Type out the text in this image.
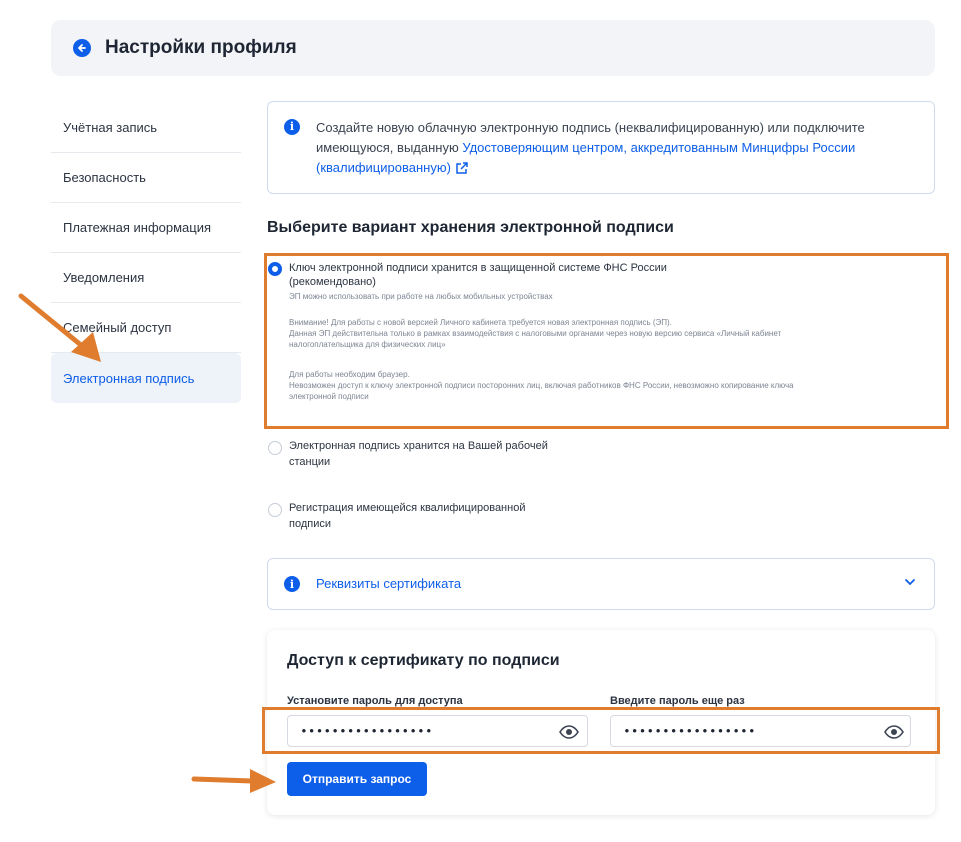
Настройки профиля
Учётная запись
Безопасность
Платежная информация
Уведомления
Семейный доступ
Электронная подпись
i	Создайте новую облачную электронную подпись (неквалифицированную) или подключите имеющуюся, выданную Удостоверяющим центром, аккредитованным Минцифры России (квалифицированную)
Выберите вариант хранения электронной подписи
Ключ электронной подписи хранится в защищенной системе ФНС России
(рекомендовано)
ЭП можно использовать при работе на любых мобильных устройствах
Внимание! Для работы с новой версией Личного кабинета требуется новая электронная подпись (ЭП).
Данная ЭП действительна только в рамках взаимодействия с налоговыми органами через новую версию сервиса «Личный кабинет
налогоплательщика для физических лиц»
Для работы необходим браузер.
Невозможен доступ к ключу электронной подписи посторонних лиц, включая работников ФНС России, невозможно копирование ключа
электронной подписи
Электронная подпись хранится на Вашей рабочей
станции
Регистрация имеющейся квалифицированной
подписи
i	Реквизиты сертификата
Доступ к сертификату по подписи
Установите пароль для доступа	Введите пароль еще раз
•••••••••••••••••
•••••••••••••••••
Отправить запрос
